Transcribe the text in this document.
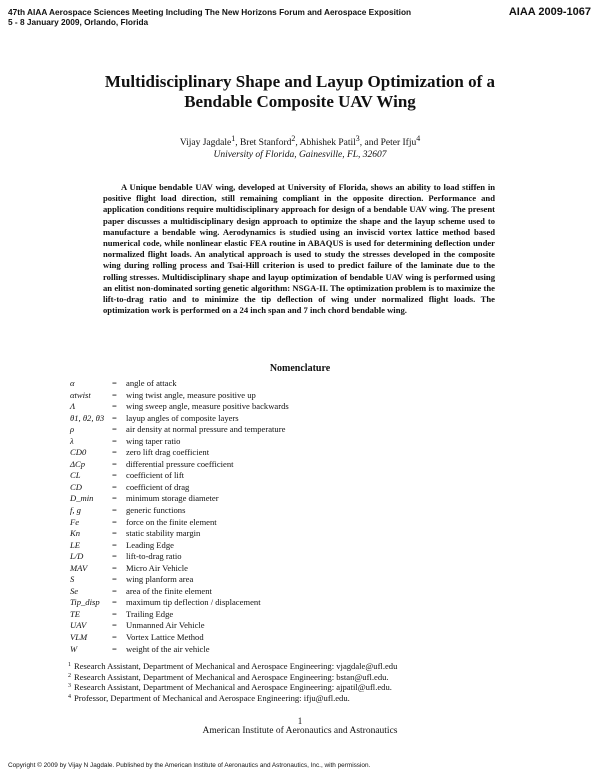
47th AIAA Aerospace Sciences Meeting Including The New Horizons Forum and Aerospace Exposition
5 - 8 January 2009, Orlando, Florida
AIAA 2009-1067
Multidisciplinary Shape and Layup Optimization of a
Bendable Composite UAV Wing
Vijay Jagdale$^1$, Bret Stanford$^2$, Abhishek Patil$^3$, and Peter Ifju$^4$
University of Florida, Gainesville, FL, 32607

A Unique bendable UAV wing, developed at University of Florida, shows an ability to load stiffen in positive flight load direction, still remaining compliant in the opposite direction. Performance and application conditions require multidisciplinary approach for design of a bendable UAV wing. The present paper discusses a multidisciplinary design approach to optimize the shape and the layup scheme used to manufacture a bendable wing. Aerodynamics is studied using an inviscid vortex lattice method based numerical code, while nonlinear elastic FEA routine in ABAQUS is used for determining deflection under normalized flight loads. An analytical approach is used to study the stresses developed in the composite wing during rolling process and Tsai-Hill criterion is used to predict failure of the laminate due to the rolling stresses. Multidisciplinary shape and layup optimization of bendable UAV wing is performed using an elitist non-dominated sorting genetic algorithm: NSGA-II. The optimization problem is to maximize the lift-to-drag ratio and to minimize the tip deflection of wing under normalized flight loads. The optimization work is performed on a 24 inch span and 7 inch chord bendable wing.

Nomenclature
α	= angle of attack
αtwist = wing twist angle, measure positive up
Λ	= wing sweep angle, measure positive backwards
θ1, θ2, θ3 = layup angles of composite layers
ρ	= air density at normal pressure and temperature
λ	= wing taper ratio
CD0	= zero lift drag coefficient
ΔCp	= differential pressure coefficient
CL	= coefficient of lift
CD	= coefficient of drag
D_min = minimum storage diameter
f, g	= generic functions
Fe	= force on the finite element
Kn	= static stability margin
LE	= Leading Edge
L/D	= lift-to-drag ratio
MAV	= Micro Air Vehicle
S	= wing planform area
Se	= area of the finite element
Tip_disp = maximum tip deflection / displacement
TE	= Trailing Edge
UAV	= Unmanned Air Vehicle
VLM	= Vortex Lattice Method
W	= weight of the air vehicle
$^1$ Research Assistant, Department of Mechanical and Aerospace Engineering: vjagdale@ufl.edu
$^2$ Research Assistant, Department of Mechanical and Aerospace Engineering: bstan@ufl.edu.
$^3$ Research Assistant, Department of Mechanical and Aerospace Engineering: ajpatil@ufl.edu.
$^4$ Professor, Department of Mechanical and Aerospace Engineering: ifju@ufl.edu.
1
American Institute of Aeronautics and Astronautics
Copyright © 2009 by Vijay N Jagdale. Published by the American Institute of Aeronautics and Astronautics, Inc., with permission.
